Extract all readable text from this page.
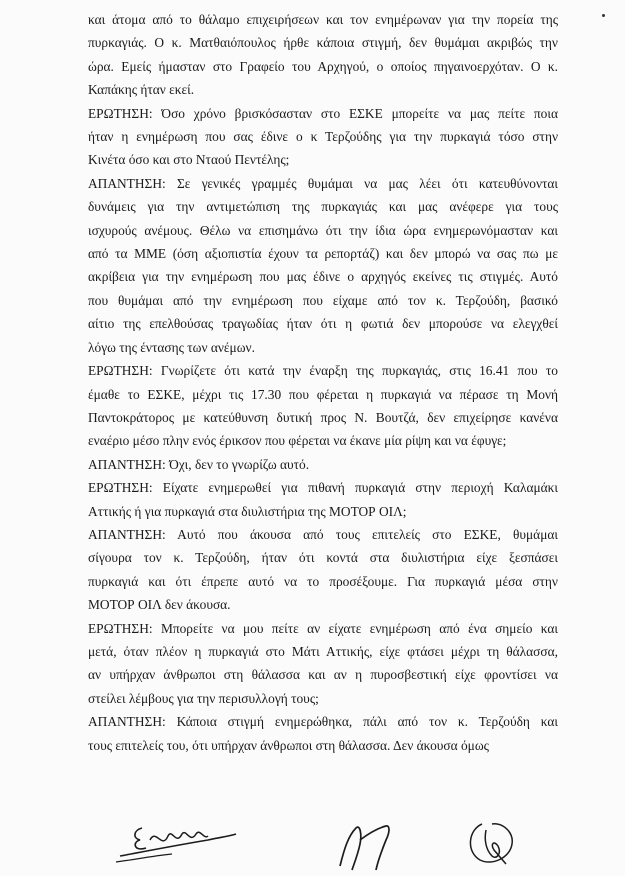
και άτομα από το θάλαμο επιχειρήσεων και τον ενημέρωναν για την πορεία της
πυρκαγιάς. Ο κ. Ματθαιόπουλος ήρθε κάποια στιγμή, δεν θυμάμαι ακριβώς την
ώρα. Εμείς ήμασταν στο Γραφείο του Αρχηγού, ο οποίος πηγαινοερχόταν. Ο κ.
Καπάκης ήταν εκεί.
ΕΡΩΤΗΣΗ: Όσο χρόνο βρισκόσασταν στο ΕΣΚΕ μπορείτε να μας πείτε ποια
ήταν η ενημέρωση που σας έδινε ο κ Τερζούδης για την πυρκαγιά τόσο στην
Κινέτα όσο και στο Νταού Πεντέλης;
ΑΠΑΝΤΗΣΗ: Σε γενικές γραμμές θυμάμαι να μας λέει ότι κατευθύνονται
δυνάμεις για την αντιμετώπιση της πυρκαγιάς και μας ανέφερε για τους
ισχυρούς ανέμους. Θέλω να επισημάνω ότι την ίδια ώρα ενημερωνόμασταν και
από τα ΜΜΕ (όση αξιοπιστία έχουν τα ρεπορτάζ) και δεν μπορώ να σας πω με
ακρίβεια για την ενημέρωση που μας έδινε ο αρχηγός εκείνες τις στιγμές. Αυτό
που θυμάμαι από την ενημέρωση που είχαμε από τον κ. Τερζούδη, βασικό
αίτιο της επελθούσας τραγωδίας ήταν ότι η φωτιά δεν μπορούσε να ελεγχθεί
λόγω της έντασης των ανέμων.
ΕΡΩΤΗΣΗ: Γνωρίζετε ότι κατά την έναρξη της πυρκαγιάς, στις 16.41 που το
έμαθε το ΕΣΚΕ, μέχρι τις 17.30 που φέρεται η πυρκαγιά να πέρασε τη Μονή
Παντοκράτορος με κατεύθυνση δυτική προς Ν. Βουτζά, δεν επιχείρησε κανένα
εναέριο μέσο πλην ενός έρικσον που φέρεται να έκανε μία ρίψη και να έφυγε;
ΑΠΑΝΤΗΣΗ: Όχι, δεν το γνωρίζω αυτό.
ΕΡΩΤΗΣΗ: Είχατε ενημερωθεί για πιθανή πυρκαγιά στην περιοχή Καλαμάκι
Αττικής ή για πυρκαγιά στα διυλιστήρια της ΜΟΤΟΡ ΟΙΛ;
ΑΠΑΝΤΗΣΗ: Αυτό που άκουσα από τους επιτελείς στο ΕΣΚΕ, θυμάμαι
σίγουρα τον κ. Τερζούδη, ήταν ότι κοντά στα διυλιστήρια είχε ξεσπάσει
πυρκαγιά και ότι έπρεπε αυτό να το προσέξουμε. Για πυρκαγιά μέσα στην
ΜΟΤΟΡ ΟΙΛ δεν άκουσα.
ΕΡΩΤΗΣΗ: Μπορείτε να μου πείτε αν είχατε ενημέρωση από ένα σημείο και
μετά, όταν πλέον η πυρκαγιά στο Μάτι Αττικής, είχε φτάσει μέχρι τη θάλασσα,
αν υπήρχαν άνθρωποι στη θάλασσα και αν η πυροσβεστική είχε φροντίσει να
στείλει λέμβους για την περισυλλογή τους;
ΑΠΑΝΤΗΣΗ: Κάποια στιγμή ενημερώθηκα, πάλι από τον κ. Τερζούδη και
τους επιτελείς του, ότι υπήρχαν άνθρωποι στη θάλασσα. Δεν άκουσα όμως
